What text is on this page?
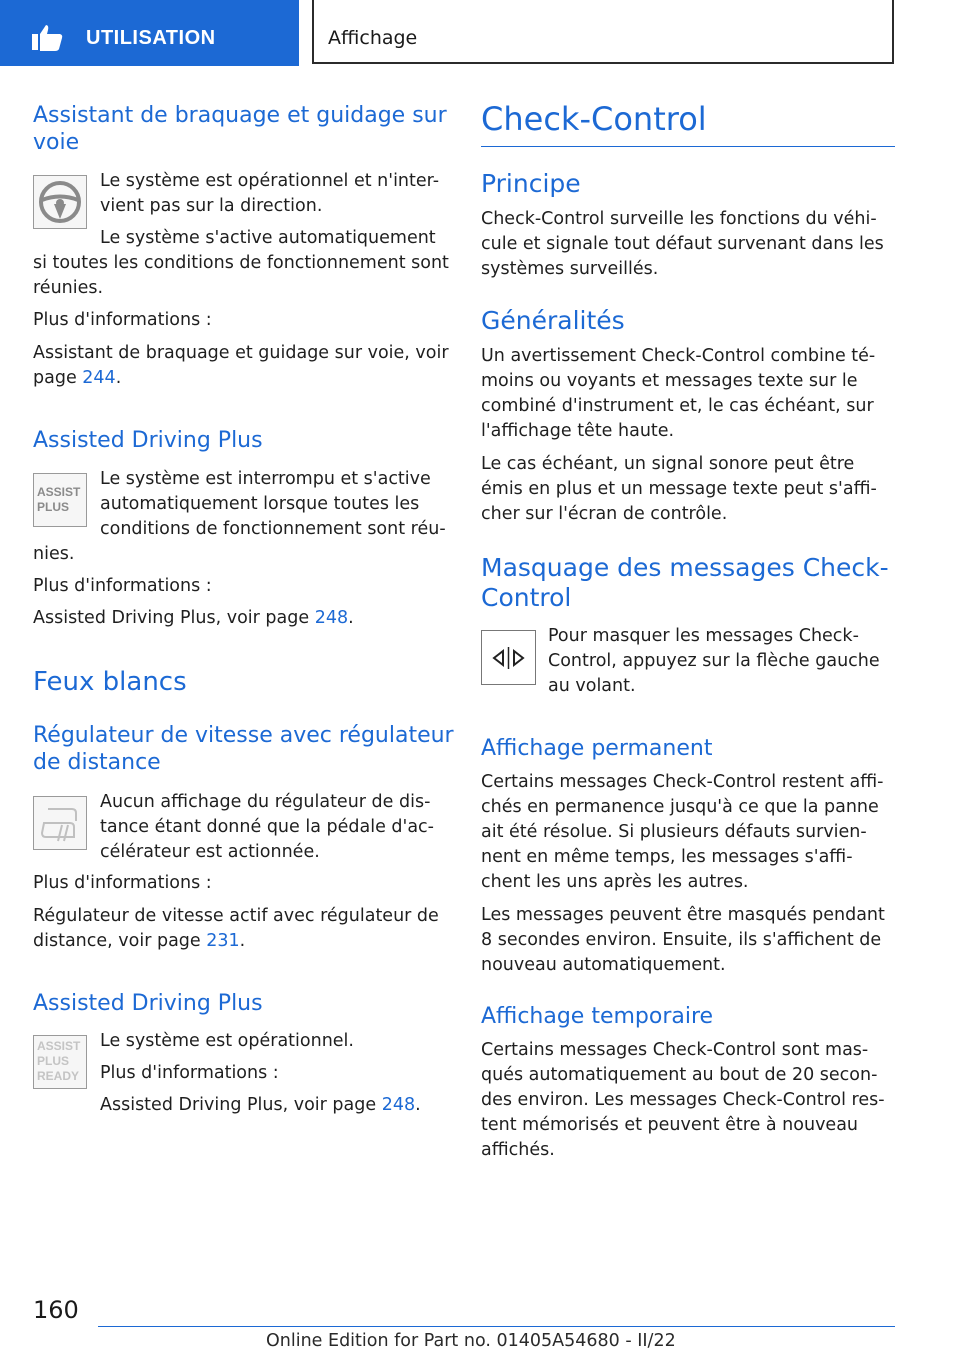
UTILISATION	Affichage
Assistant de braquage et guidage sur
voie

Le système est opérationnel et n'inter-
vient pas sur la direction.

Le système s'active automatiquement

si toutes les conditions de fonctionnement sont
réunies.

Plus d'informations :

Assistant de braquage et guidage sur voie, voir
page 244.

Assisted Driving Plus
ASSIST
PLUS

Le système est interrompu et s'active
automatiquement lorsque toutes les
conditions de fonctionnement sont réu-

nies.

Plus d'informations :

Assisted Driving Plus, voir page 248.

Feux blancs
Régulateur de vitesse avec régulateur
de distance

Aucun affichage du régulateur de dis-
tance étant donné que la pédale d'ac-
célérateur est actionnée.

Plus d'informations :

Régulateur de vitesse actif avec régulateur de
distance, voir page 231.

Assisted Driving Plus
ASSIST
PLUS
READY

Le système est opérationnel.

Plus d'informations :

Assisted Driving Plus, voir page 248.

Check-Control
Principe

Check-Control surveille les fonctions du véhi-
cule et signale tout défaut survenant dans les
systèmes surveillés.

Généralités

Un avertissement Check-Control combine té-
moins ou voyants et messages texte sur le
combiné d'instrument et, le cas échéant, sur
l'affichage tête haute.

Le cas échéant, un signal sonore peut être
émis en plus et un message texte peut s'affi-
cher sur l'écran de contrôle.

Masquage des messages Check-
Control

Pour masquer les messages Check-
Control, appuyez sur la flèche gauche
au volant.

Affichage permanent

Certains messages Check-Control restent affi-
chés en permanence jusqu'à ce que la panne
ait été résolue. Si plusieurs défauts survien-
nent en même temps, les messages s'affi-
chent les uns après les autres.

Les messages peuvent être masqués pendant
8 secondes environ. Ensuite, ils s'affichent de
nouveau automatiquement.

Affichage temporaire

Certains messages Check-Control sont mas-
qués automatiquement au bout de 20 secon-
des environ. Les messages Check-Control res-
tent mémorisés et peuvent être à nouveau
affichés.

160
Online Edition for Part no. 01405A54680 - II/22
